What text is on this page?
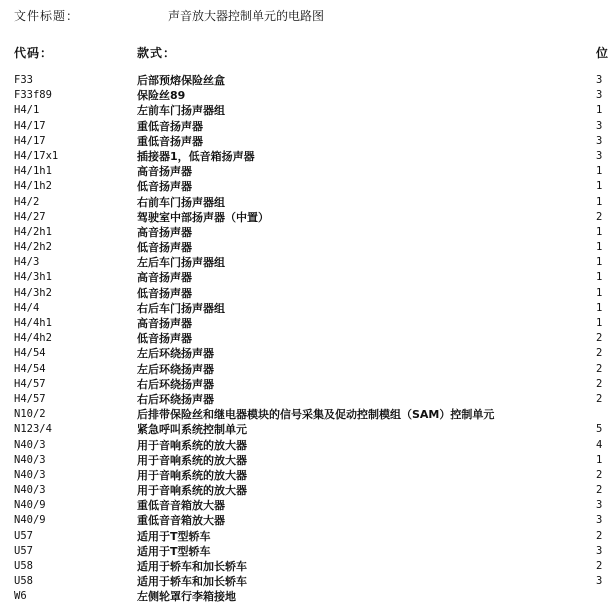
文件标题：	声音放大器控制单元的电路图
代码：	款式：	位
F33	后部预熔保险丝盒	3
F33f89	保险丝89	3
H4/1	左前车门扬声器组	1
H4/17	重低音扬声器	3
H4/17	重低音扬声器	3
H4/17x1	插接器1，低音箱扬声器	3
H4/1h1	高音扬声器	1
H4/1h2	低音扬声器	1
H4/2	右前车门扬声器组	1
H4/27	驾驶室中部扬声器（中置）	2
H4/2h1	高音扬声器	1
H4/2h2	低音扬声器	1
H4/3	左后车门扬声器组	1
H4/3h1	高音扬声器	1
H4/3h2	低音扬声器	1
H4/4	右后车门扬声器组	1
H4/4h1	高音扬声器	1
H4/4h2	低音扬声器	2
H4/54	左后环绕扬声器	2
H4/54	左后环绕扬声器	2
H4/57	右后环绕扬声器	2
H4/57	右后环绕扬声器	2
N10/2	后排带保险丝和继电器模块的信号采集及促动控制模组（SAM）控制单元
N123/4	紧急呼叫系统控制单元	5
N40/3	用于音响系统的放大器	4
N40/3	用于音响系统的放大器	1
N40/3	用于音响系统的放大器	2
N40/3	用于音响系统的放大器	2
N40/9	重低音音箱放大器	3
N40/9	重低音音箱放大器	3
U57	适用于T型轿车	2
U57	适用于T型轿车	3
U58	适用于轿车和加长轿车	2
U58	适用于轿车和加长轿车	3
W6	左侧轮罩行李箱接地
